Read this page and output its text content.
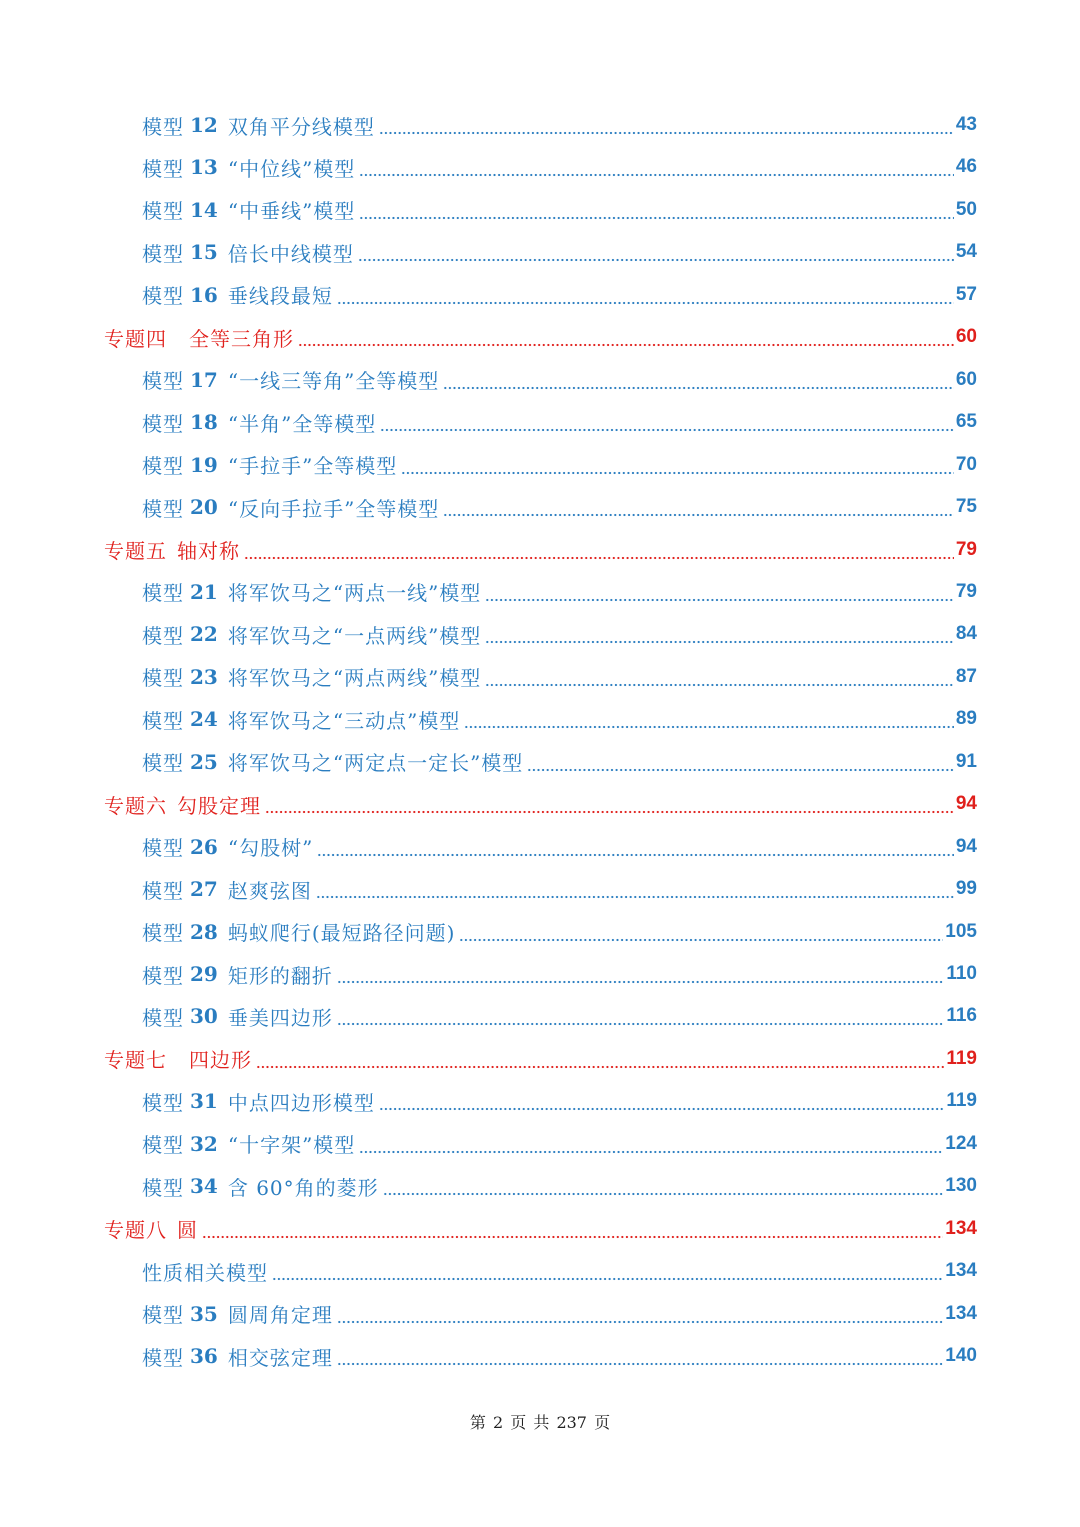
模型 12 双角平分线模型	43
模型 13 “中位线”模型	46
模型 14 “中垂线”模型	50
模型 15 倍长中线模型	54
模型 16 垂线段最短	57
专题四 全等三角形	60
模型 17 “一线三等角”全等模型	60
模型 18 “半角”全等模型	65
模型 19 “手拉手”全等模型	70
模型 20 “反向手拉手”全等模型	75
专题五 轴对称	79
模型 21 将军饮马之“两点一线”模型	79
模型 22 将军饮马之“一点两线”模型	84
模型 23 将军饮马之“两点两线”模型	87
模型 24 将军饮马之“三动点”模型	89
模型 25 将军饮马之“两定点一定长”模型	91
专题六 勾股定理	94
模型 26 “勾股树”	94
模型 27 赵爽弦图	99
模型 28 蚂蚁爬行(最短路径问题)	105
模型 29 矩形的翻折	110
模型 30 垂美四边形	116
专题七 四边形	119
模型 31 中点四边形模型	119
模型 32 “十字架”模型	124
模型 34 含 60°角的菱形	130
专题八 圆	134
性质相关模型	134
模型 35 圆周角定理	134
模型 36 相交弦定理	140
第 2 页 共 237 页
